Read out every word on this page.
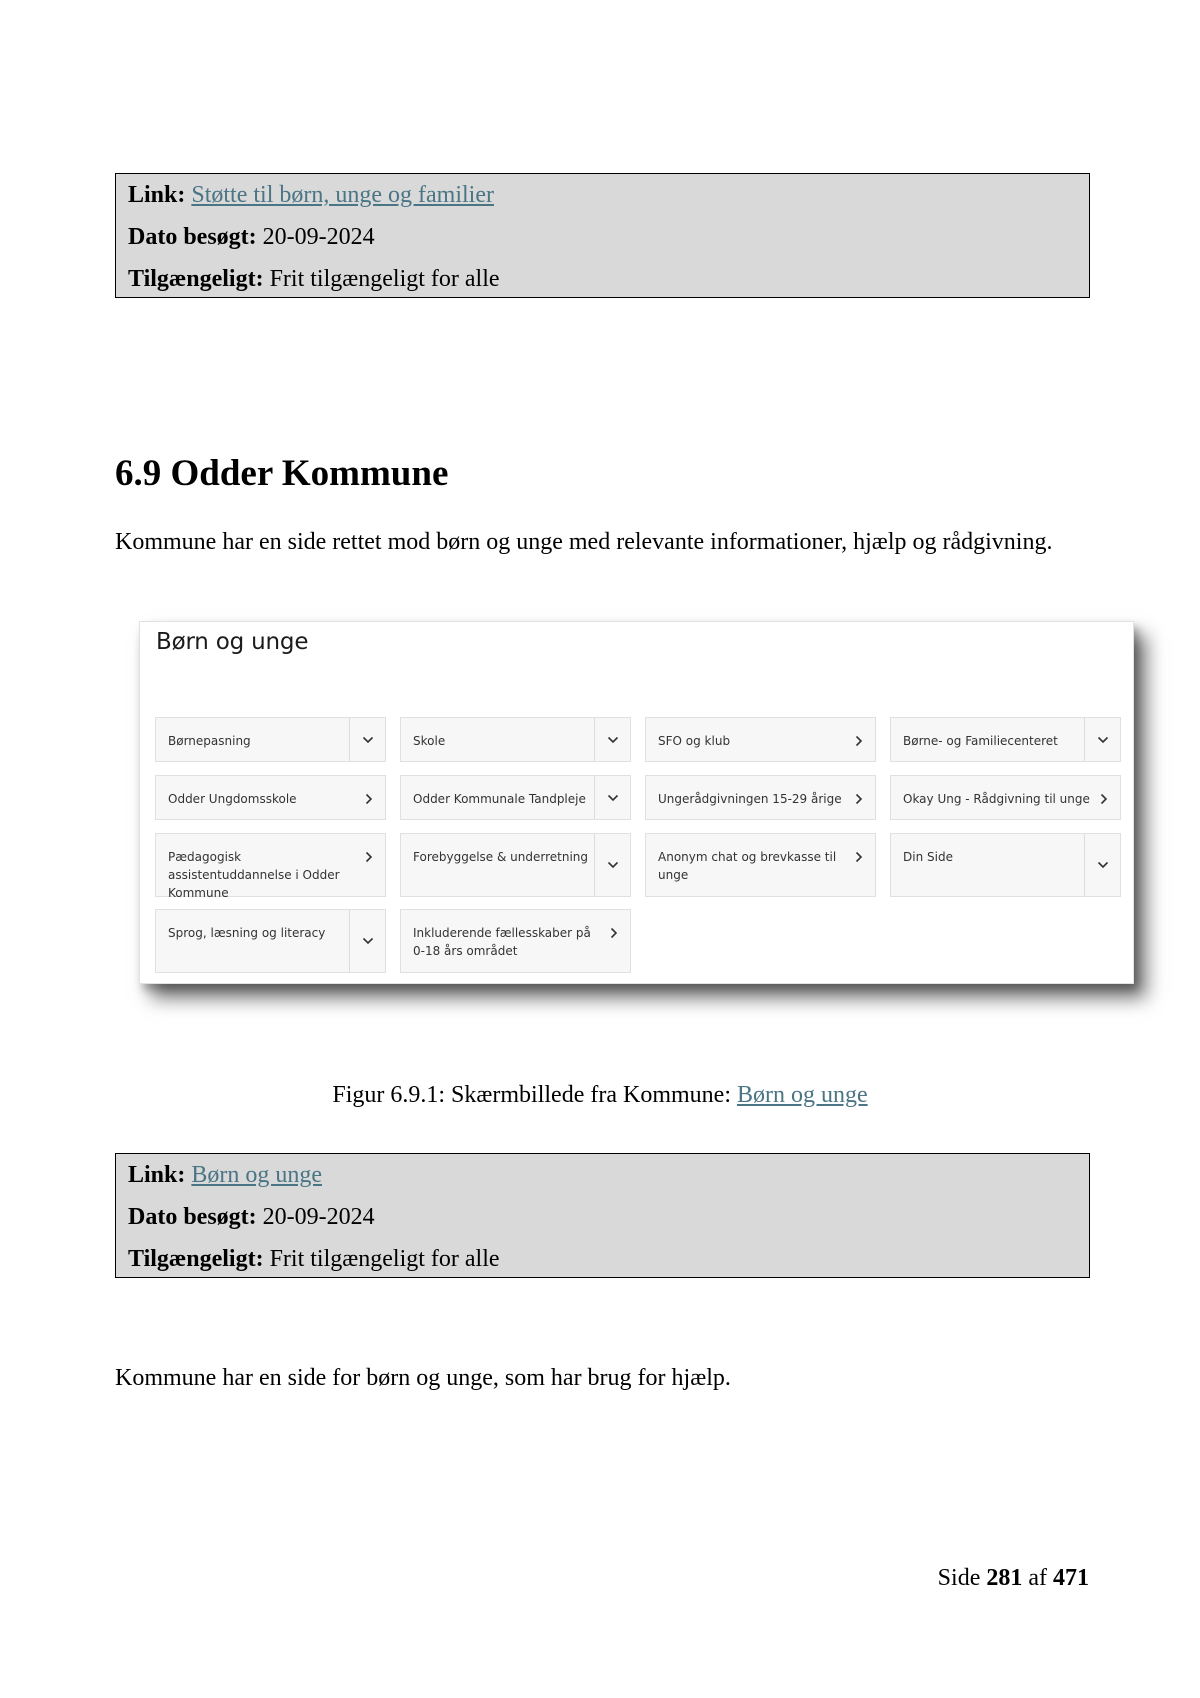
Link: Støtte til børn, unge og familier
Dato besøgt: 20-09-2024
Tilgængeligt: Frit tilgængeligt for alle
6.9 Odder Kommune

Kommune har en side rettet mod børn og unge med relevante informationer, hjælp og rådgivning.

Børn og unge
Børnepasning	Skole	SFO og klub	Børne- og Familiecenteret
Odder Ungdomsskole	Odder Kommunale Tandpleje	Ungerådgivningen 15-29 årige	Okay Ung - Rådgivning til unge
Pædagogisk assistentuddannelse i Odder Kommune
Forebyggelse & underretning	Anonym chat og brevkasse til unge
Din Side
Sprog, læsning og literacy	Inkluderende fællesskaber på 0-18 års området
Figur 6.9.1: Skærmbillede fra Kommune: Børn og unge
Link: Børn og unge
Dato besøgt: 20-09-2024
Tilgængeligt: Frit tilgængeligt for alle

Kommune har en side for børn og unge, som har brug for hjælp.

Side 281 af 471
